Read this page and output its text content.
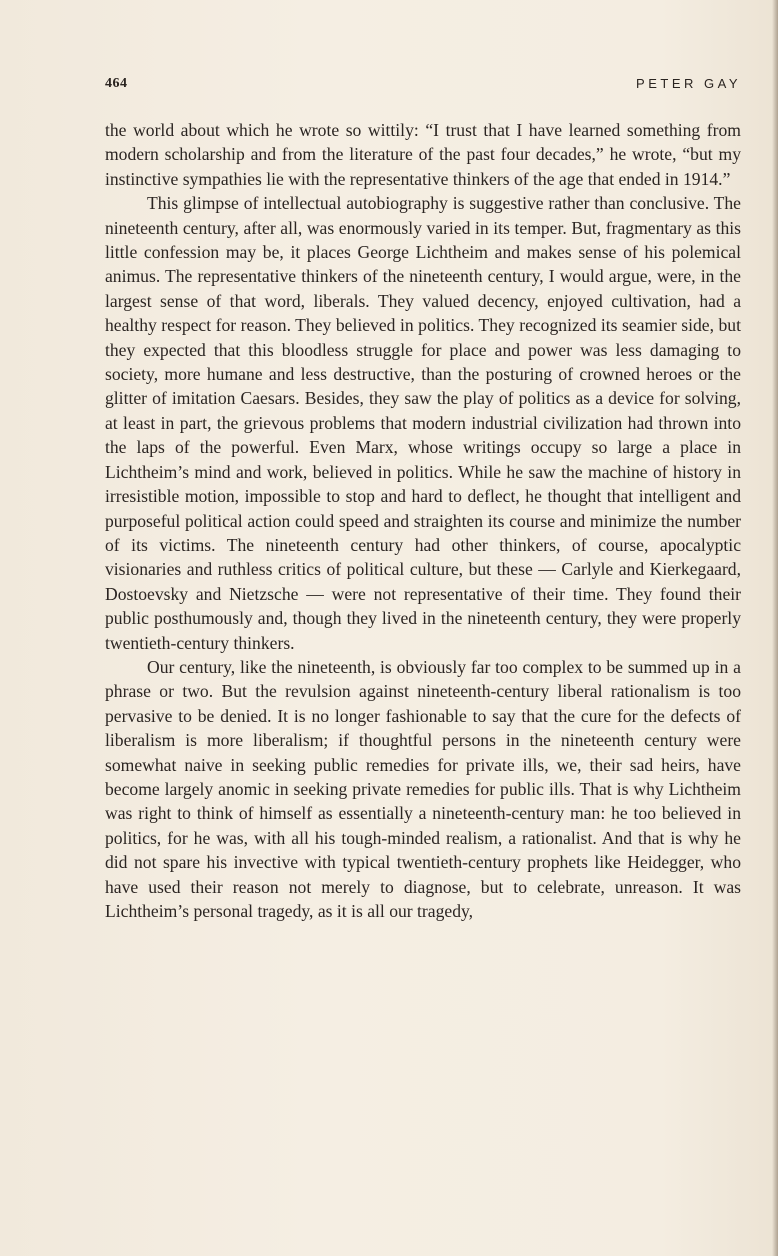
464	PETER GAY

the world about which he wrote so wittily: “I trust that I have learned something from modern scholarship and from the literature of the past four decades,” he wrote, “but my instinctive sympathies lie with the representative thinkers of the age that ended in 1914.”

This glimpse of intellectual autobiography is suggestive rather than conclusive. The nineteenth century, after all, was enormously varied in its temper. But, fragmentary as this little confession may be, it places George Lichtheim and makes sense of his polemical animus. The representative thinkers of the nineteenth century, I would argue, were, in the largest sense of that word, liberals. They valued decency, enjoyed cultivation, had a healthy respect for reason. They believed in politics. They recognized its seamier side, but they expected that this bloodless struggle for place and power was less damaging to society, more humane and less destructive, than the posturing of crowned heroes or the glitter of imitation Caesars. Besides, they saw the play of politics as a device for solving, at least in part, the grievous problems that modern industrial civilization had thrown into the laps of the powerful. Even Marx, whose writings occupy so large a place in Lichtheim’s mind and work, believed in politics. While he saw the machine of history in irresistible motion, impossible to stop and hard to deflect, he thought that intelligent and purposeful political action could speed and straighten its course and minimize the number of its victims. The nineteenth century had other thinkers, of course, apocalyptic visionaries and ruthless critics of political culture, but these — Carlyle and Kierkegaard, Dostoevsky and Nietzsche — were not representative of their time. They found their public posthumously and, though they lived in the nineteenth century, they were properly twentieth-century thinkers.

Our century, like the nineteenth, is obviously far too complex to be summed up in a phrase or two. But the revulsion against nineteenth-century liberal rationalism is too pervasive to be denied. It is no longer fashionable to say that the cure for the defects of liberalism is more liberalism; if thoughtful persons in the nineteenth century were somewhat naive in seeking public remedies for private ills, we, their sad heirs, have become largely anomic in seeking private remedies for public ills. That is why Lichtheim was right to think of himself as essentially a nineteenth-century man: he too believed in politics, for he was, with all his tough-minded realism, a rationalist. And that is why he did not spare his invective with typical twentieth-century prophets like Heidegger, who have used their reason not merely to diagnose, but to celebrate, unreason. It was Lichtheim’s personal tragedy, as it is all our tragedy,
